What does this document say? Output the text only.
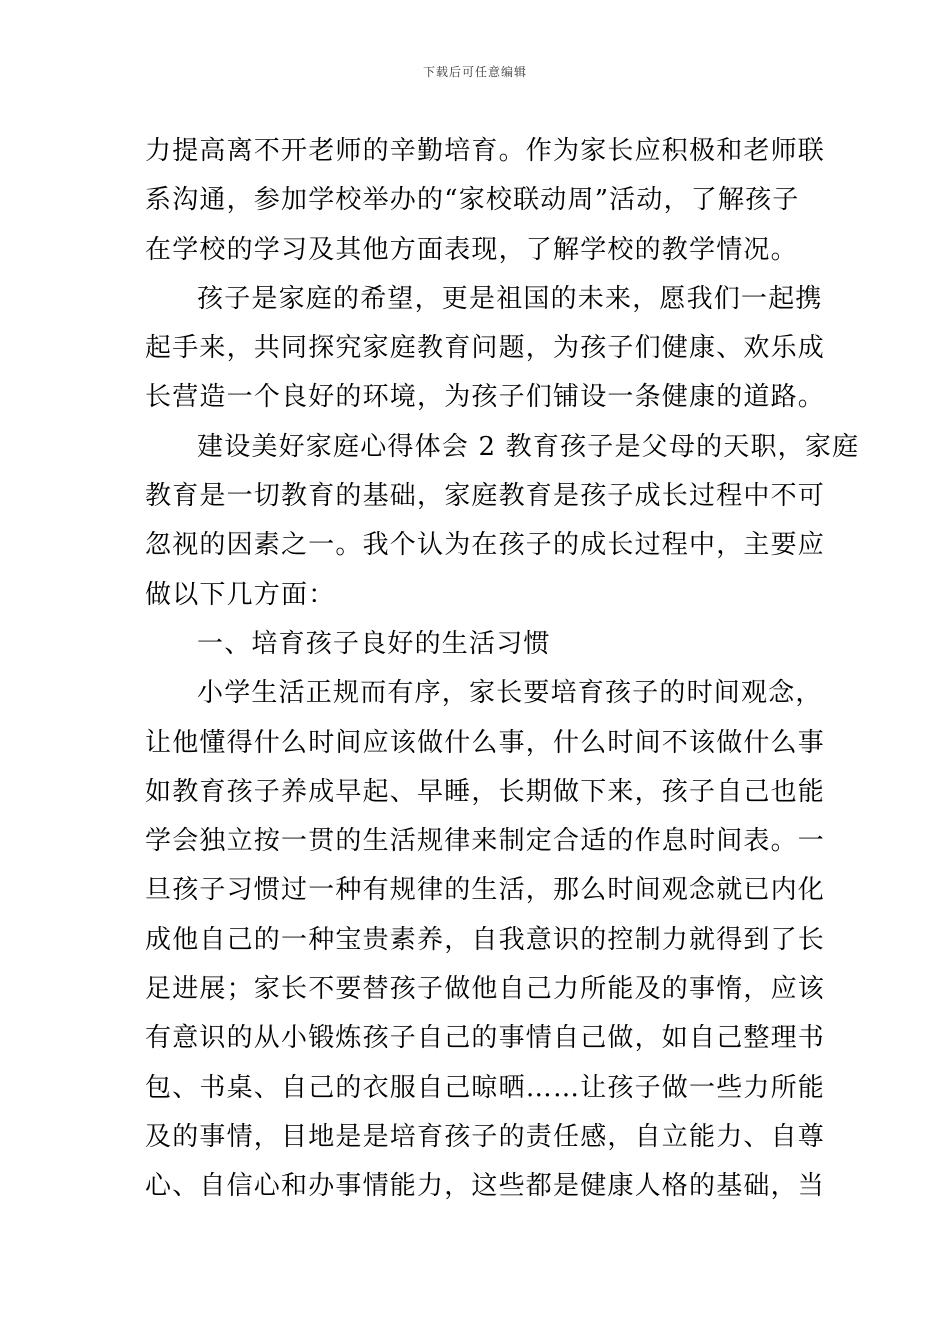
下载后可任意编辑
力提高离不开老师的辛勤培育。作为家长应积极和老师联
系沟通，参加学校举办的“家校联动周”活动，了解孩子
在学校的学习及其他方面表现，了解学校的教学情况。
孩子是家庭的希望，更是祖国的未来，愿我们一起携
起手来，共同探究家庭教育问题，为孩子们健康、欢乐成
长营造一个良好的环境，为孩子们铺设一条健康的道路。
建设美好家庭心得体会 2 教育孩子是父母的天职，家庭
教育是一切教育的基础，家庭教育是孩子成长过程中不可
忽视的因素之一。我个认为在孩子的成长过程中，主要应
做以下几方面：
一、培育孩子良好的生活习惯
小学生活正规而有序，家长要培育孩子的时间观念，
让他懂得什么时间应该做什么事，什么时间不该做什么事
如教育孩子养成早起、早睡，长期做下来，孩子自己也能
学会独立按一贯的生活规律来制定合适的作息时间表。一
旦孩子习惯过一种有规律的生活，那么时间观念就已内化
成他自己的一种宝贵素养，自我意识的控制力就得到了长
足进展；家长不要替孩子做他自己力所能及的事惰，应该
有意识的从小锻炼孩子自己的事情自己做，如自己整理书
包、书桌、自己的衣服自己晾晒……让孩子做一些力所能
及的事情，目地是是培育孩子的责任感，自立能力、自尊
心、自信心和办事情能力，这些都是健康人格的基础，当
